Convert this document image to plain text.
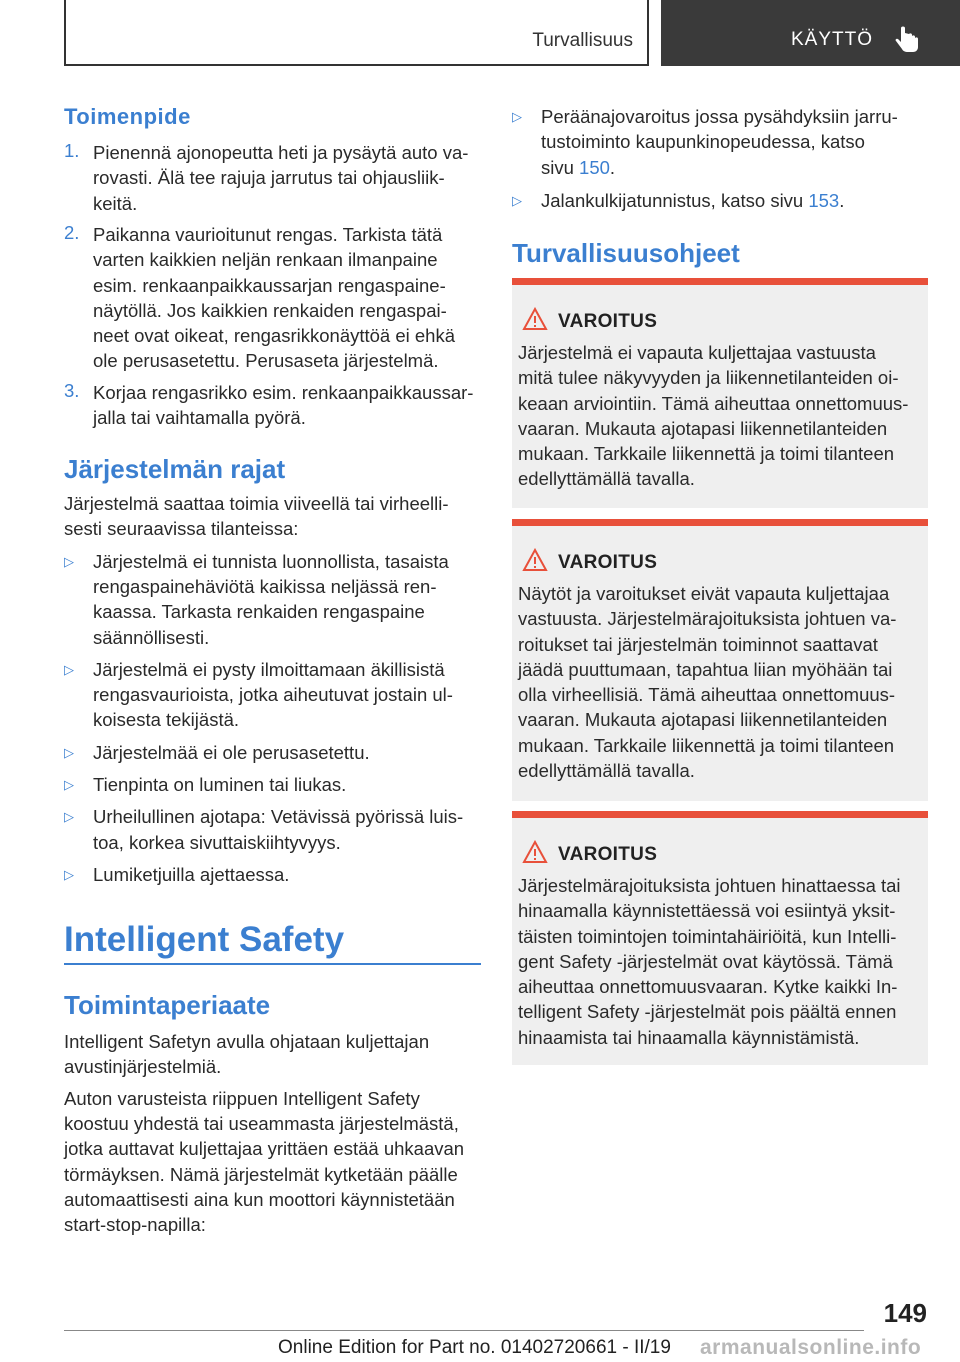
Turvallisuus	KÄYTTÖ
149
Online Edition for Part no. 01402720661 - II/19 armanualsonline.info
Toimenpide
1. Pienennä ajonopeutta heti ja pysäytä auto va-
rovasti. Älä tee rajuja jarrutus tai ohjausliik-
keitä.
2. Paikanna vaurioitunut rengas. Tarkista tätä
varten kaikkien neljän renkaan ilmanpaine
esim. renkaanpaikkaussarjan rengaspaine-
näytöllä. Jos kaikkien renkaiden rengaspai-
neet ovat oikeat, rengasrikkonäyttöä ei ehkä
ole perusasetettu. Perusaseta järjestelmä.
3. Korjaa rengasrikko esim. renkaanpaikkaussar-
jalla tai vaihtamalla pyörä.
Järjestelmän rajat
Järjestelmä saattaa toimia viiveellä tai virheelli-
sesti seuraavissa tilanteissa:
▷ Järjestelmä ei tunnista luonnollista, tasaista
rengaspainehäviötä kaikissa neljässä ren-
kaassa. Tarkasta renkaiden rengaspaine
säännöllisesti.
▷ Järjestelmä ei pysty ilmoittamaan äkillisistä
rengasvaurioista, jotka aiheutuvat jostain ul-
koisesta tekijästä.
▷ Järjestelmää ei ole perusasetettu.
▷ Tienpinta on luminen tai liukas.
▷ Urheilullinen ajotapa: Vetävissä pyörissä luis-
toa, korkea sivuttaiskiihtyvyys.
▷ Lumiketjuilla ajettaessa.
Intelligent Safety
Toimintaperiaate
Intelligent Safetyn avulla ohjataan kuljettajan
avustinjärjestelmiä.
Auton varusteista riippuen Intelligent Safety
koostuu yhdestä tai useammasta järjestelmästä,
jotka auttavat kuljettajaa yrittäen estää uhkaavan
törmäyksen. Nämä järjestelmät kytketään päälle
automaattisesti aina kun moottori käynnistetään
start-stop-napilla:
▷ Peräänajovaroitus jossa pysähdyksiin jarru-
tustoiminto kaupunkinopeudessa, katso
sivu 150.
▷ Jalankulkijatunnistus, katso sivu 153.
Turvallisuusohjeet
VAROITUS
Järjestelmä ei vapauta kuljettajaa vastuusta
mitä tulee näkyvyyden ja liikennetilanteiden oi-
keaan arviointiin. Tämä aiheuttaa onnettomuus-
vaaran. Mukauta ajotapasi liikennetilanteiden
mukaan. Tarkkaile liikennettä ja toimi tilanteen
edellyttämällä tavalla.
VAROITUS
Näytöt ja varoitukset eivät vapauta kuljettajaa
vastuusta. Järjestelmärajoituksista johtuen va-
roitukset tai järjestelmän toiminnot saattavat
jäädä puuttumaan, tapahtua liian myöhään tai
olla virheellisiä. Tämä aiheuttaa onnettomuus-
vaaran. Mukauta ajotapasi liikennetilanteiden
mukaan. Tarkkaile liikennettä ja toimi tilanteen
edellyttämällä tavalla.
VAROITUS
Järjestelmärajoituksista johtuen hinattaessa tai
hinaamalla käynnistettäessä voi esiintyä yksit-
täisten toimintojen toimintahäiriöitä, kun Intelli-
gent Safety -järjestelmät ovat käytössä. Tämä
aiheuttaa onnettomuusvaaran. Kytke kaikki In-
telligent Safety -järjestelmät pois päältä ennen
hinaamista tai hinaamalla käynnistämistä.
